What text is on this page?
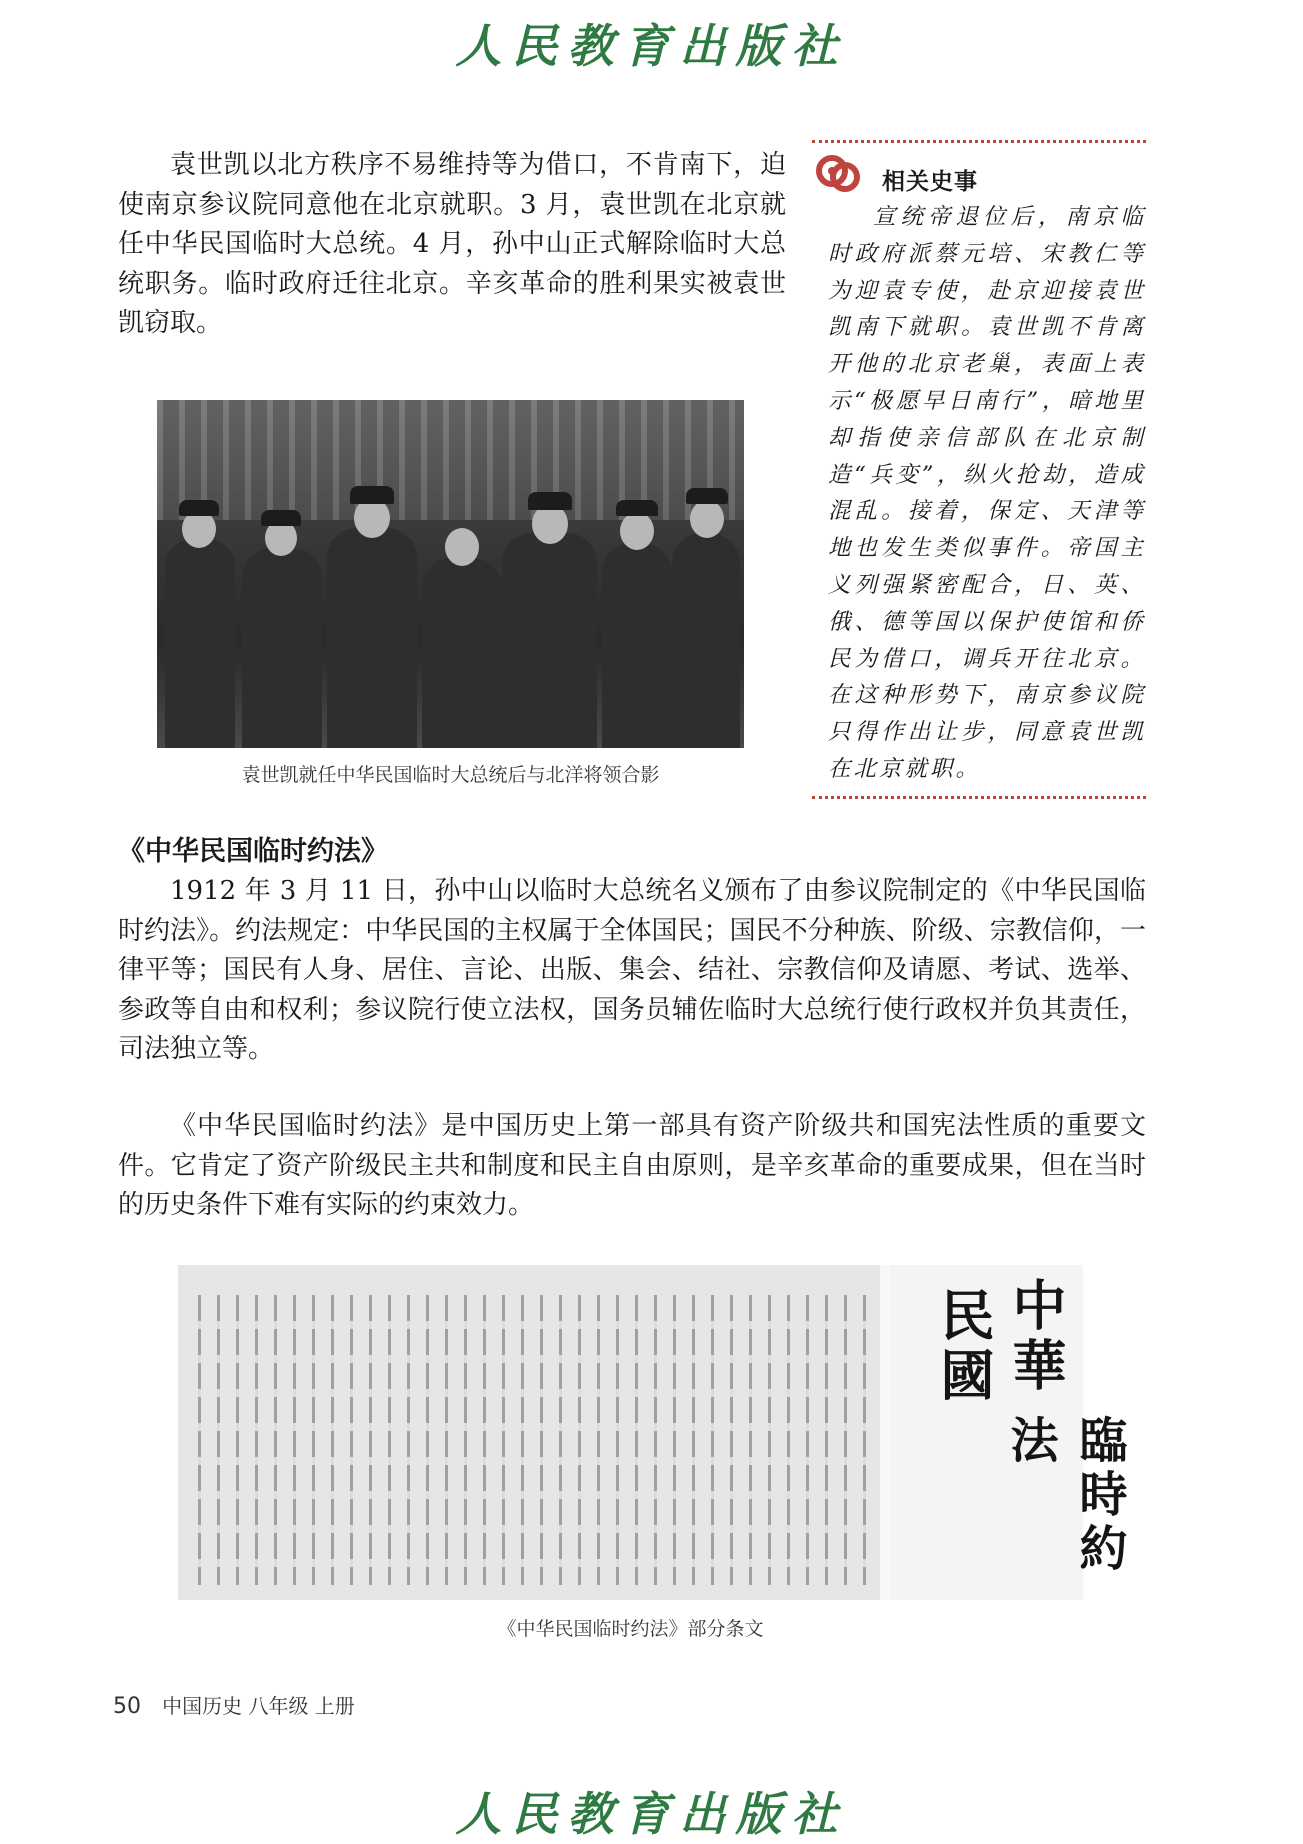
人民教育出版社

袁世凯以北方秩序不易维持等为借口，不肯南下，迫使南京参议院同意他在北京就职。3 月，袁世凯在北京就任中华民国临时大总统。4 月，孙中山正式解除临时大总统职务。临时政府迁往北京。辛亥革命的胜利果实被袁世凯窃取。

袁世凯就任中华民国临时大总统后与北洋将领合影
相关史事

宣统帝退位后，南京临时政府派蔡元培、宋教仁等为迎袁专使，赴京迎接袁世凯南下就职。袁世凯不肯离开他的北京老巢，表面上表示“极愿早日南行”，暗地里却指使亲信部队在北京制造“兵变”，纵火抢劫，造成混乱。接着，保定、天津等地也发生类似事件。帝国主义列强紧密配合，日、英、俄、德等国以保护使馆和侨民为借口，调兵开往北京。在这种形势下，南京参议院只得作出让步，同意袁世凯在北京就职。

《中华民国临时约法》

1912 年 3 月 11 日，孙中山以临时大总统名义颁布了由参议院制定的《中华民国临时约法》。约法规定：中华民国的主权属于全体国民；国民不分种族、阶级、宗教信仰，一律平等；国民有人身、居住、言论、出版、集会、结社、宗教信仰及请愿、考试、选举、参政等自由和权利；参议院行使立法权，国务员辅佐临时大总统行使行政权并负其责任，司法独立等。

《中华民国临时约法》是中国历史上第一部具有资产阶级共和国宪法性质的重要文件。它肯定了资产阶级民主共和制度和民主自由原则，是辛亥革命的重要成果，但在当时的历史条件下难有实际的约束效力。

中華
民國
臨時約法
《中华民国临时约法》部分条文
50 中国历史 八年级 上册
人民教育出版社
